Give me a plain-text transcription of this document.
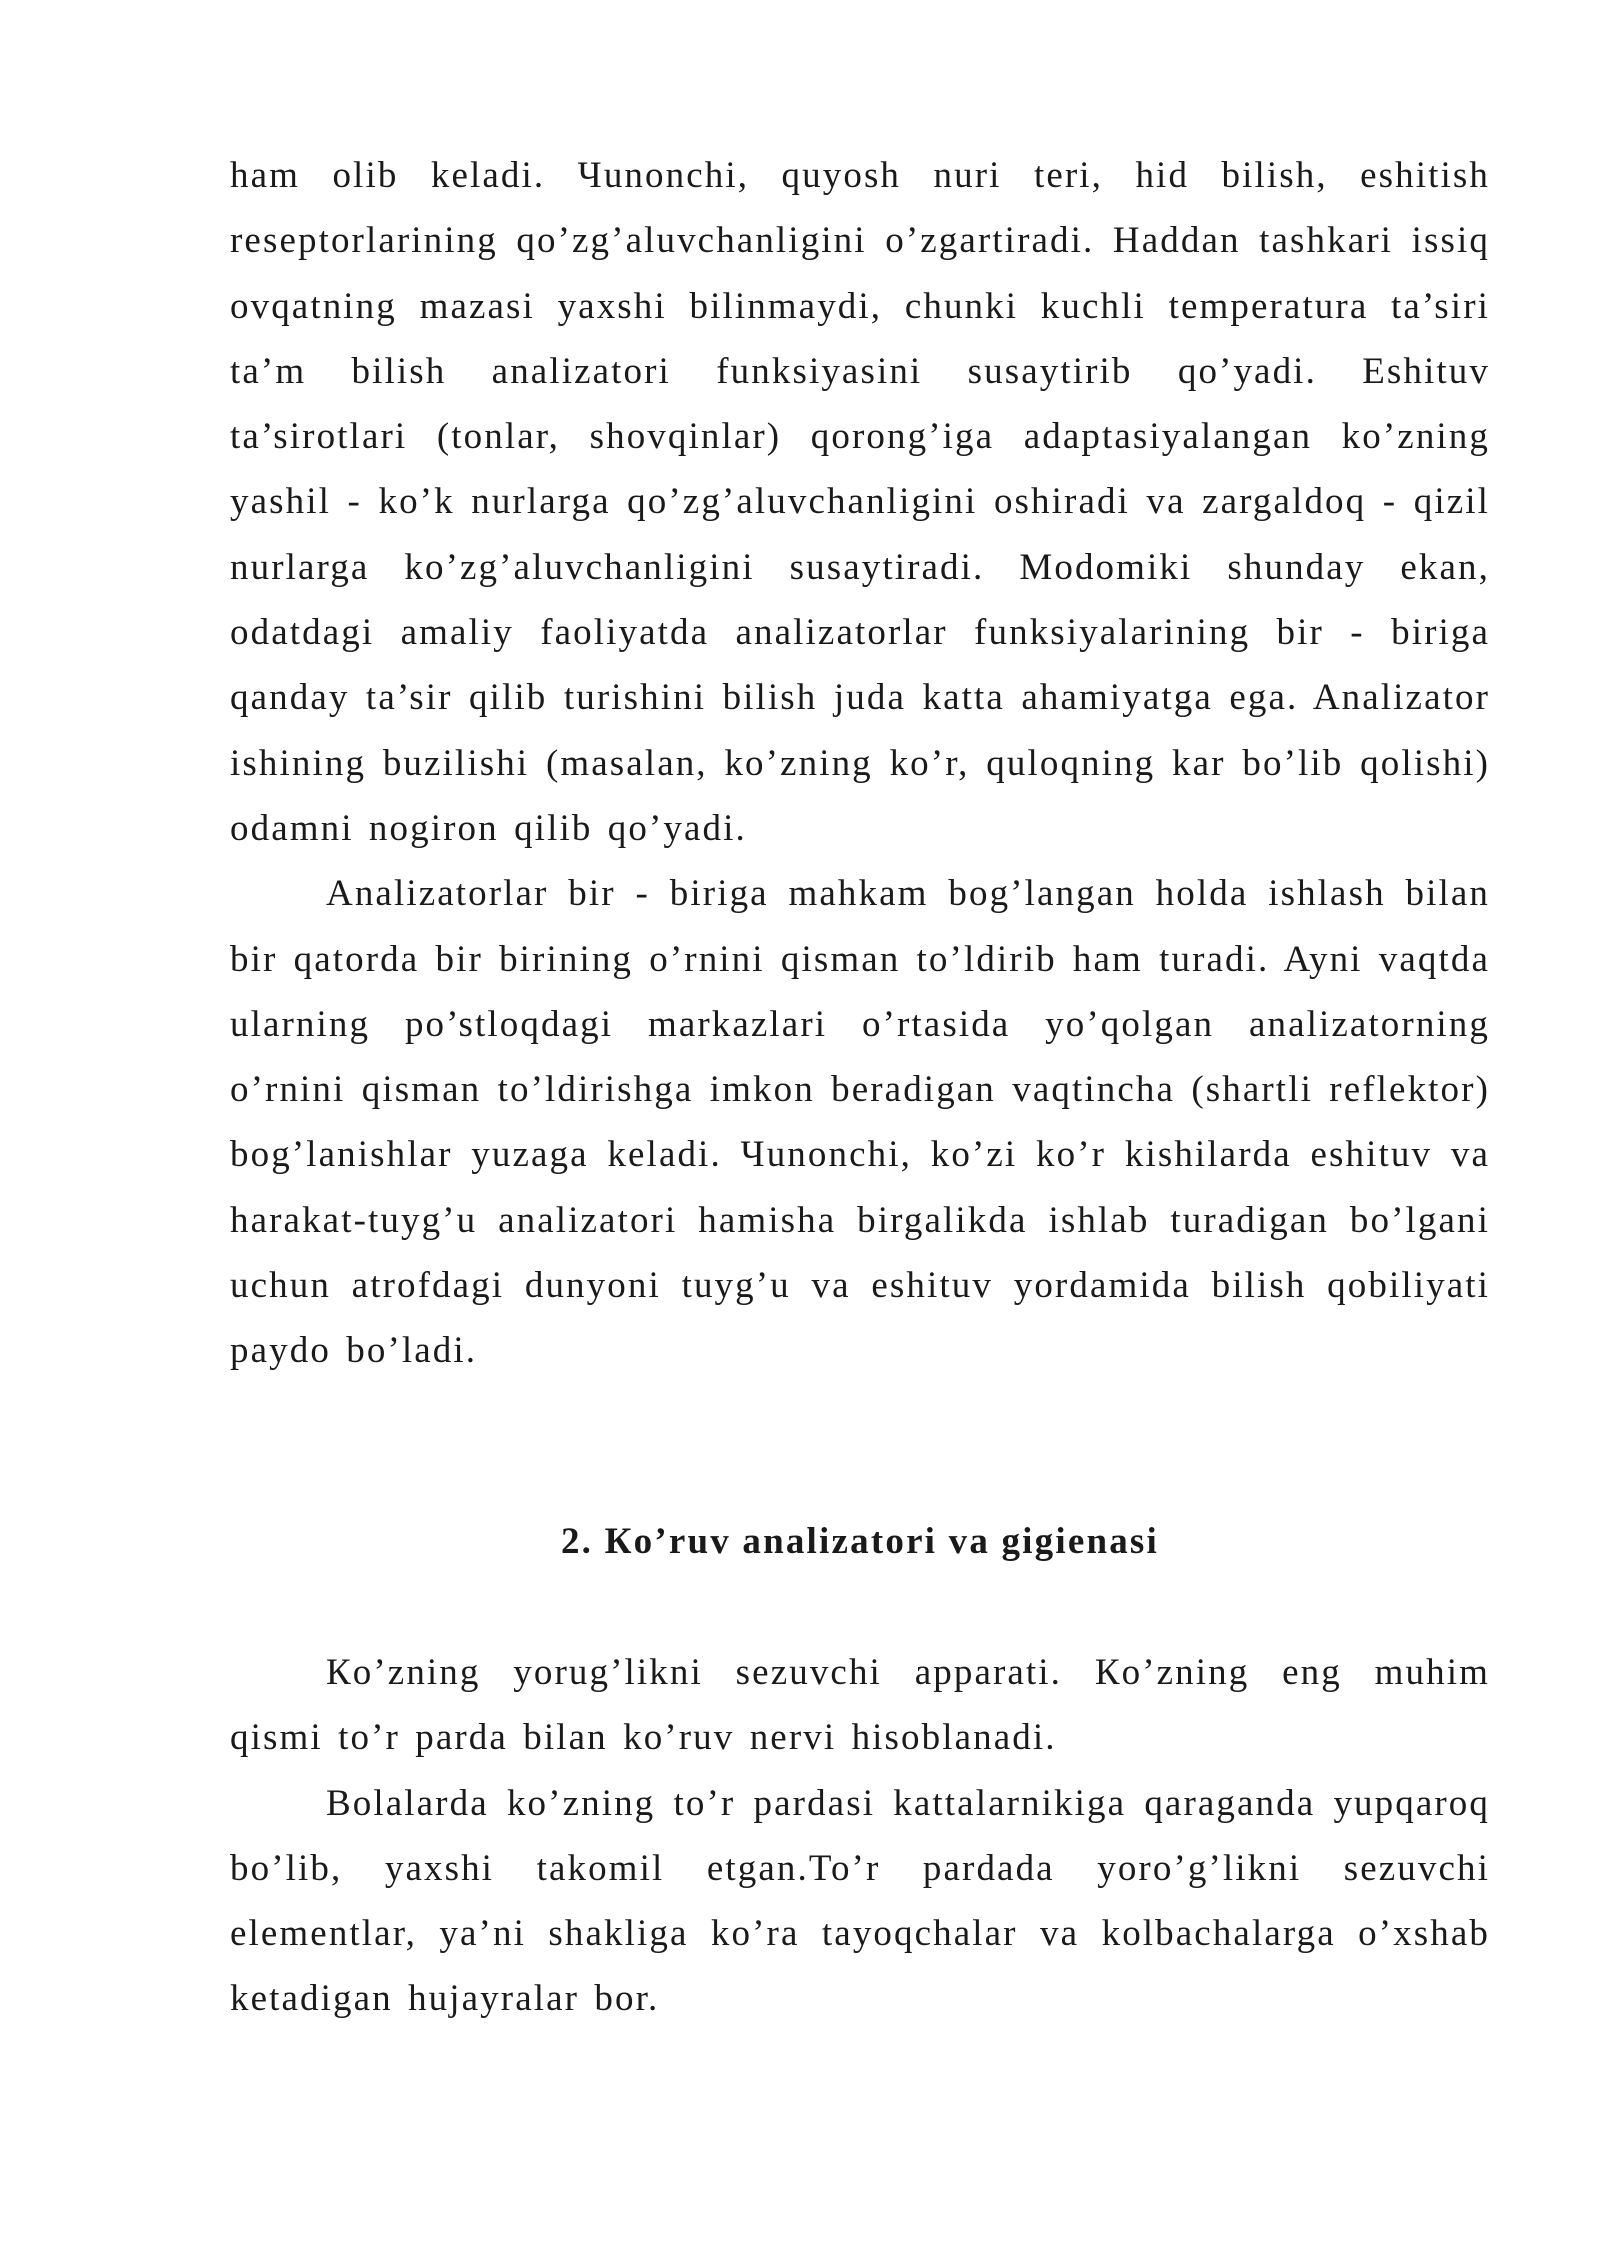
ham olib keladi. Чunonchi, quyosh nuri teri, hid bilish, eshitish reseptorlarining qo’zg’aluvchanligini o’zgartiradi. Haddan tashkari issiq ovqatning mazasi yaxshi bilinmaydi, chunki kuchli temperatura ta’siri ta’m bilish analizatori funksiyasini susaytirib qo’yadi. Eshituv ta’sirotlari (tonlar, shovqinlar) qorong’iga adaptasiyalangan ko’zning yashil - ko’k nurlarga qo’zg’aluvchanligini oshiradi va zargaldoq - qizil nurlarga ko’zg’aluvchanligini susaytiradi. Modomiki shunday ekan, odatdagi amaliy faoliyatda analizatorlar funksiyalarining bir - biriga qanday ta’sir qilib turishini bilish juda katta ahamiyatga ega. Analizator ishining buzilishi (masalan, ko’zning ko’r, quloqning kar bo’lib qolishi) odamni nogiron qilib qo’yadi.

Analizatorlar bir - biriga mahkam bog’langan holda ishlash bilan bir qatorda bir birining o’rnini qisman to’ldirib ham turadi. Ayni vaqtda ularning po’stloqdagi markazlari o’rtasida yo’qolgan analizatorning o’rnini qisman to’ldirishga imkon beradigan vaqtincha (shartli reflektor) bog’lanishlar yuzaga keladi. Чunonchi, ko’zi ko’r kishilarda eshituv va harakat-tuyg’u analizatori hamisha birgalikda ishlab turadigan bo’lgani uchun atrofdagi dunyoni tuyg’u va eshituv yordamida bilish qobiliyati paydo bo’ladi.

2. Кo’ruv analizatori va gigienasi

Кo’zning yorug’likni sezuvchi apparati. Кo’zning eng muhim qismi to’r parda bilan ko’ruv nervi hisoblanadi.

Bolalarda ko’zning to’r pardasi kattalarnikiga qaraganda yupqaroq bo’lib, yaxshi takomil etgan.To’r pardada yoro’g’likni sezuvchi elementlar, ya’ni shakliga ko’ra tayoqchalar va kolbachalarga o’xshab ketadigan hujayralar bor.
